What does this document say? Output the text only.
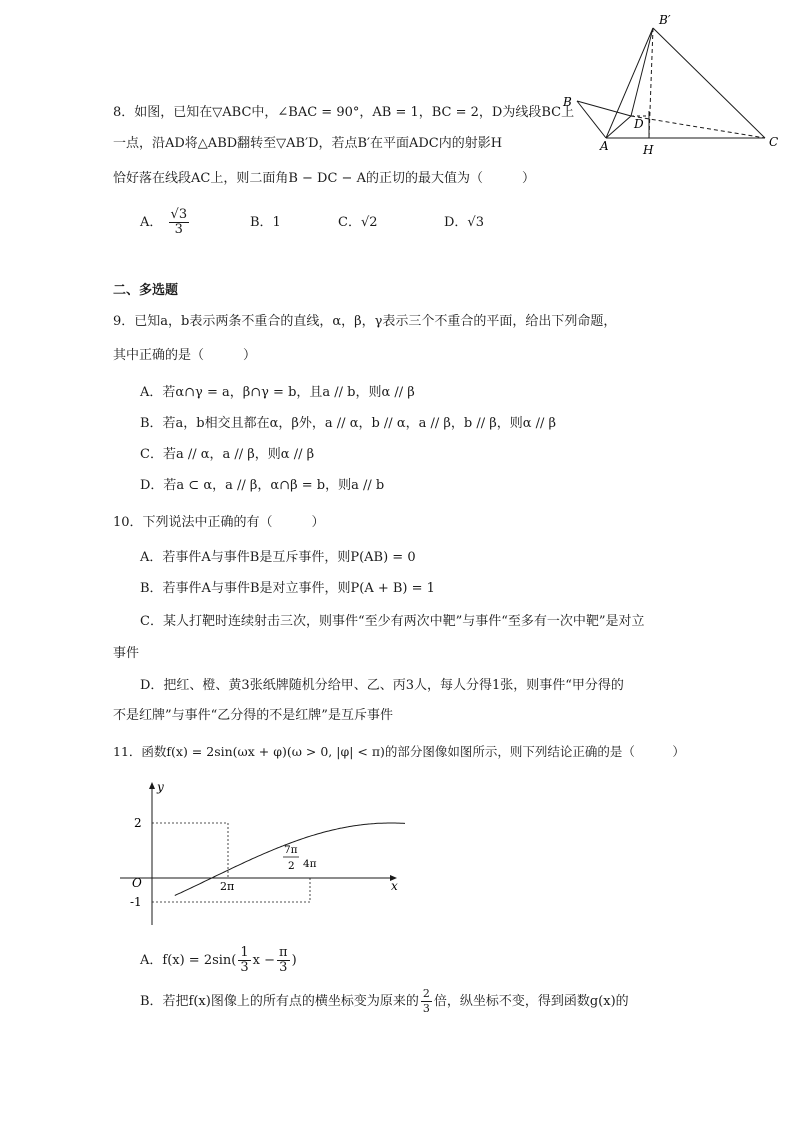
B′
B
D
A	H
C
8．如图，已知在▽ABC中，∠BAC = 90°，AB = 1，BC = 2，D为线段BC上
一点，沿AD将△ABD翻转至▽AB′D，若点B′在平面ADC内的射影H
恰好落在线段AC上，则二面角B − DC − A的正切的最大值为（　　　）
A． $\frac{√3}{3}$	B．1	C．√2	D．√3
二、多选题
9．已知a，b表示两条不重合的直线，α，β，γ表示三个不重合的平面，给出下列命题，
其中正确的是（　　　）
A．若α∩γ = a，β∩γ = b，且a // b，则α // β
B．若a，b相交且都在α，β外，a // α，b // α，a // β，b // β，则α // β
C．若a // α，a // β，则α // β
D．若a ⊂ α，a // β，α∩β = b，则a // b
10．下列说法中正确的有（　　　）
A．若事件A与事件B是互斥事件，则P(AB) = 0
B．若事件A与事件B是对立事件，则P(A + B) = 1
C．某人打靶时连续射击三次，则事件“至少有两次中靶”与事件“至多有一次中靶”是对立
事件
D．把红、橙、黄3张纸牌随机分给甲、乙、丙3人，每人分得1张，则事件“甲分得的
不是红牌”与事件“乙分得的不是红牌”是互斥事件
11．函数f(x) = 2sin(ωx + φ)(ω > 0, |φ| < π)的部分图像如图所示，则下列结论正确的是（　　　）
y
x
O
2
-1
2π
7π
2 4π
A．$f(x) = 2\sin( \frac{1}{3}$ $x - \frac{\pi}{3}$ )
B．若把f(x)图像上的所有点的横坐标变为原来的 $\frac{2}{3}$ 倍，纵坐标不变，得到函数g(x)的
